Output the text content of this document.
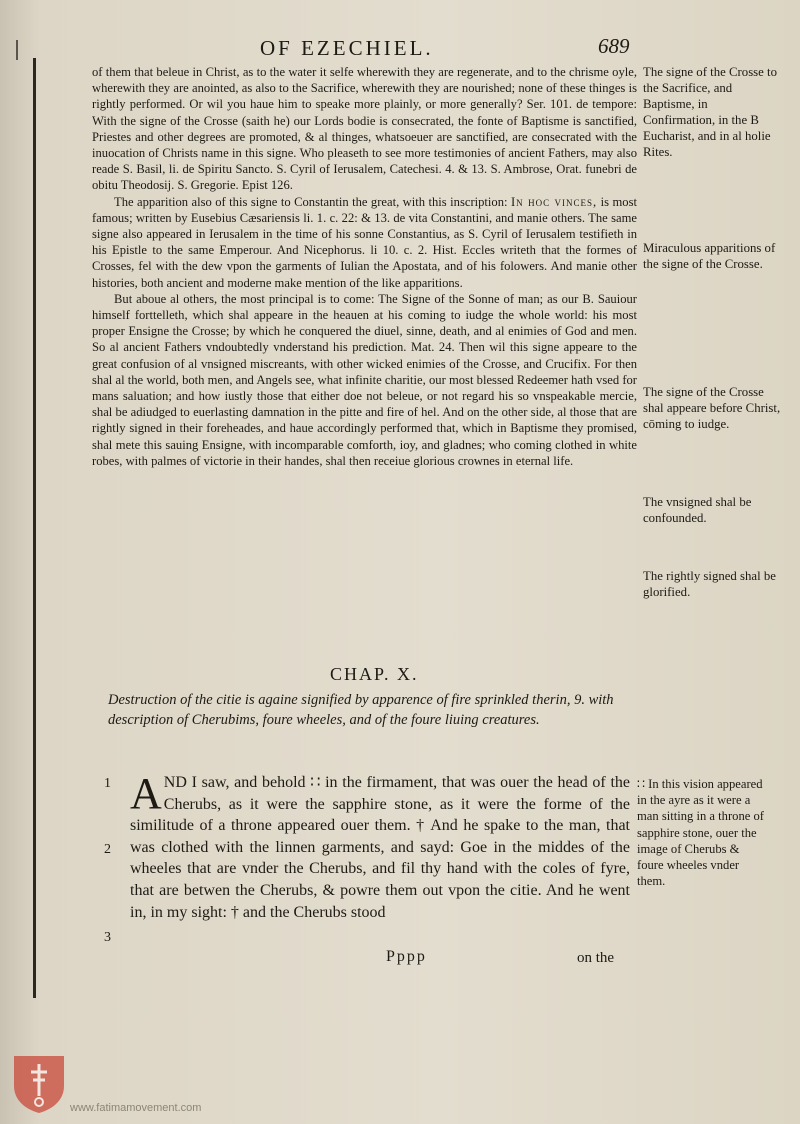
OF EZECHIEL.	689

of them that beleue in Christ, as to the water it selfe wherewith they are regenerate, and to the chrisme oyle, wherewith they are anointed, as also to the Sacrifice, wherewith they are nourished; none of these thinges is rightly performed. Or wil you haue him to speake more plainly, or more generally? Ser. 101. de tempore: With the signe of the Crosse (saith he) our Lords bodie is consecrated, the fonte of Baptisme is sanctified, Priestes and other degrees are promoted, & al thinges, whatsoeuer are sanctified, are consecrated with the inuocation of Christs name in this signe. Who pleaseth to see more testimonies of ancient Fathers, may also reade S. Basil, li. de Spiritu Sancto. S. Cyril of Ierusalem, Catechesi. 4. & 13. S. Ambrose, Orat. funebri de obitu Theodosij. S. Gregorie. Epist 126.

The apparition also of this signe to Constantin the great, with this inscription: In hoc vinces, is most famous; written by Eusebius Cæsariensis li. 1. c. 22: & 13. de vita Constantini, and manie others. The same signe also appeared in Ierusalem in the time of his sonne Constantius, as S. Cyril of Ierusalem testifieth in his Epistle to the same Emperour. And Nicephorus. li 10. c. 2. Hist. Eccles writeth that the formes of Crosses, fel with the dew vpon the garments of Iulian the Apostata, and of his folowers. And manie other histories, both ancient and moderne make mention of the like apparitions.

But aboue al others, the most principal is to come: The Signe of the Sonne of man; as our B. Sauiour himself forttelleth, which shal appeare in the heauen at his coming to iudge the whole world: his most proper Ensigne the Crosse; by which he conquered the diuel, sinne, death, and al enimies of God and men. So al ancient Fathers vndoubtedly vnderstand his prediction. Mat. 24. Then wil this signe appeare to the great confusion of al vnsigned miscreants, with other wicked enimies of the Crosse, and Crucifix. For then shal al the world, both men, and Angels see, what infinite charitie, our most blessed Redeemer hath vsed for mans saluation; and how iustly those that either doe not beleue, or not regard his so vnspeakable mercie, shal be adiudged to euerlasting damnation in the pitte and fire of hel. And on the other side, al those that are rightly signed in their foreheades, and haue accordingly performed that, which in Baptisme they promised, shal mete this sauing Ensigne, with incomparable comforth, ioy, and gladnes; who coming clothed in white robes, with palmes of victorie in their handes, shal then receiue glorious crownes in eternal life.

The signe of the Crosse to the Sacrifice, and Baptisme, in Confirmation, in the B Eucharist, and in al holie Rites.
Miraculous apparitions of the signe of the Crosse.
The signe of the Crosse shal appeare before Christ, cōming to iudge.
The vnsigned shal be confounded.
The rightly signed shal be glorified.
CHAP. X.
Destruction of the citie is againe signified by apparence of fire sprinkled therin, 9. with description of Cherubims, foure wheeles, and of the foure liuing creatures.
1
2
3
AND I saw, and behold ∷ in the firmament, that was ouer the head of the Cherubs, as it were the sapphire stone, as it were the forme of the similitude of a throne appeared ouer them. † And he spake to the man, that was clothed with the linnen garments, and sayd: Goe in the middes of the wheeles that are vnder the Cherubs, and fil thy hand with the coles of fyre, that are betwen the Cherubs, & powre them out vpon the citie. And he went in, in my sight: † and the Cherubs stood
∷ In this vision appeared in the ayre as it were a man sitting in a throne of sapphire stone, ouer the image of Cherubs & foure wheeles vnder them.
Pppp	on the
www.fatimamovement.com
